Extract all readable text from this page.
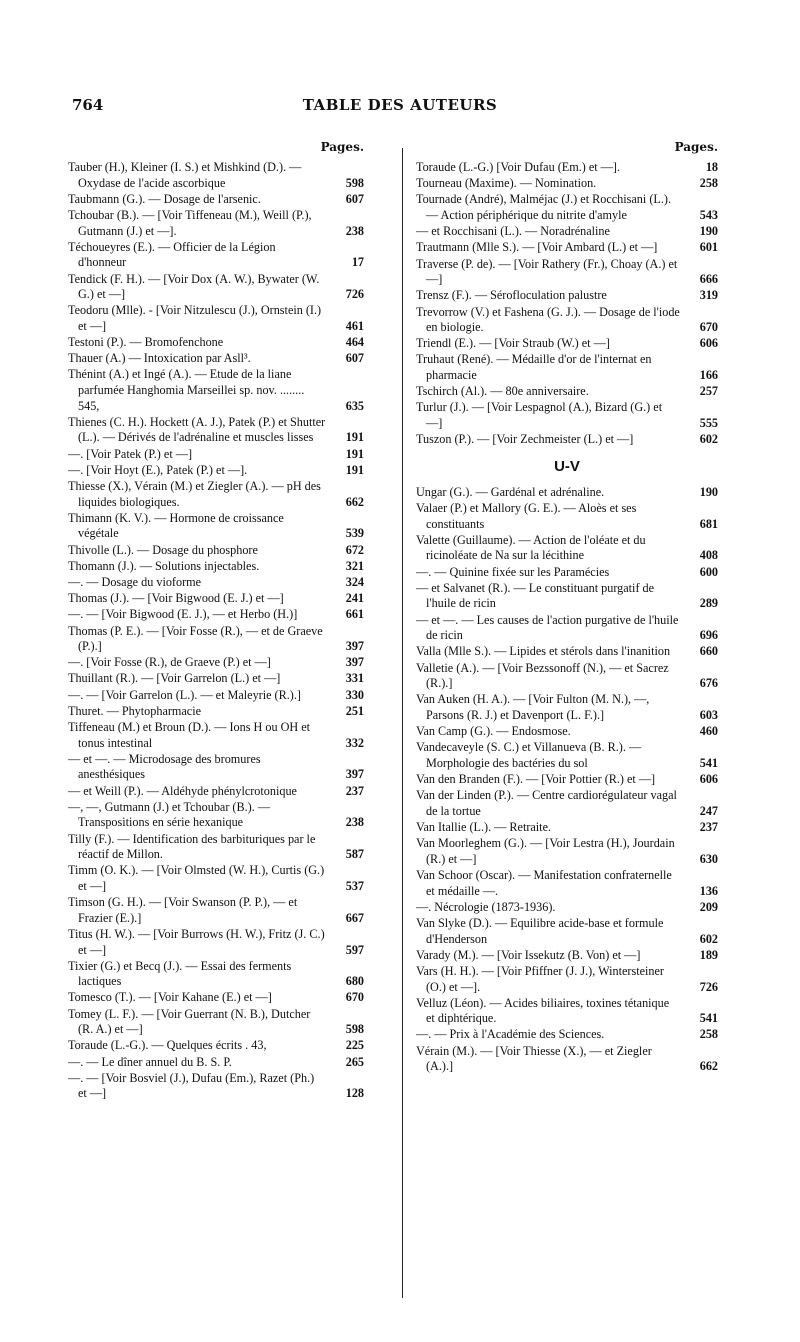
764	TABLE DES AUTEURS
Pages.
Tauber (H.), Kleiner (I. S.) et Mishkind (D.). — Oxydase de l'acide ascorbique	598
Taubmann (G.). — Dosage de l'arsenic.	607
Tchoubar (B.). — [Voir Tiffeneau (M.), Weill (P.), Gutmann (J.) et —].	238
Téchoueyres (E.). — Officier de la Légion d'honneur	17
Tendick (F. H.). — [Voir Dox (A. W.), Bywater (W. G.) et —]	726
Teodoru (Mlle). - [Voir Nitzulescu (J.), Ornstein (I.) et —]	461
Testoni (P.). — Bromofenchone	464
Thauer (A.) — Intoxication par Asll³.	607
Thénint (A.) et Ingé (A.). — Etude de la liane parfumée Hanghomia Marseillei sp. nov. ........ 545,	635
Thienes (C. H.). Hockett (A. J.), Patek (P.) et Shutter (L.). — Dérivés de l'adrénaline et muscles lisses	191
—. [Voir Patek (P.) et —]	191
—. [Voir Hoyt (E.), Patek (P.) et —].	191
Thiesse (X.), Vérain (M.) et Ziegler (A.). — pH des liquides biologiques.	662
Thimann (K. V.). — Hormone de croissance végétale	539
Thivolle (L.). — Dosage du phosphore	672
Thomann (J.). — Solutions injectables.	321
—. — Dosage du vioforme	324
Thomas (J.). — [Voir Bigwood (E. J.) et —]	241
—. — [Voir Bigwood (E. J.), — et Herbo (H.)]	661
Thomas (P. E.). — [Voir Fosse (R.), — et de Graeve (P.).]	397
—. [Voir Fosse (R.), de Graeve (P.) et —]	397
Thuillant (R.). — [Voir Garrelon (L.) et —]	331
—. — [Voir Garrelon (L.). — et Maleyrie (R.).]	330
Thuret. — Phytopharmacie	251
Tiffeneau (M.) et Broun (D.). — Ions H ou OH et tonus intestinal	332
— et —. — Microdosage des bromures anesthésiques	397
— et Weill (P.). — Aldéhyde phénylcrotonique	237
—, —, Gutmann (J.) et Tchoubar (B.). — Transpositions en série hexanique	238
Tilly (F.). — Identification des barbituriques par le réactif de Millon.	587
Timm (O. K.). — [Voir Olmsted (W. H.), Curtis (G.) et —]	537
Timson (G. H.). — [Voir Swanson (P. P.), — et Frazier (E.).]	667
Titus (H. W.). — [Voir Burrows (H. W.), Fritz (J. C.) et —]	597
Tixier (G.) et Becq (J.). — Essai des ferments lactiques	680
Tomesco (T.). — [Voir Kahane (E.) et —]	670
Tomey (L. F.). — [Voir Guerrant (N. B.), Dutcher (R. A.) et —]	598
Toraude (L.-G.). — Quelques écrits . 43,	225
—. — Le dîner annuel du B. S. P.	265
—. — [Voir Bosviel (J.), Dufau (Em.), Razet (Ph.) et —]	128
Pages.
Toraude (L.-G.) [Voir Dufau (Em.) et —].	18
Tourneau (Maxime). — Nomination.	258
Tournade (André), Malméjac (J.) et Rocchisani (L.). — Action périphérique du nitrite d'amyle	543
— et Rocchisani (L.). — Noradrénaline	190
Trautmann (Mlle S.). — [Voir Ambard (L.) et —]	601
Traverse (P. de). — [Voir Rathery (Fr.), Choay (A.) et —]	666
Trensz (F.). — Sérofloculation palustre	319
Trevorrow (V.) et Fashena (G. J.). — Dosage de l'iode en biologie.	670
Triendl (E.). — [Voir Straub (W.) et —]	606
Truhaut (René). — Médaille d'or de l'internat en pharmacie	166
Tschirch (Al.). — 80e anniversaire.	257
Turlur (J.). — [Voir Lespagnol (A.), Bizard (G.) et —]	555
Tuszon (P.). — [Voir Zechmeister (L.) et —]	602
U-V
Ungar (G.). — Gardénal et adrénaline.	190
Valaer (P.) et Mallory (G. E.). — Aloès et ses constituants	681
Valette (Guillaume). — Action de l'oléate et du ricinoléate de Na sur la lécithine	408
—. — Quinine fixée sur les Paramécies	600
— et Salvanet (R.). — Le constituant purgatif de l'huile de ricin	289
— et —. — Les causes de l'action purgative de l'huile de ricin	696
Valla (Mlle S.). — Lipides et stérols dans l'inanition	660
Valletie (A.). — [Voir Bezssonoff (N.), — et Sacrez (R.).]	676
Van Auken (H. A.). — [Voir Fulton (M. N.), —, Parsons (R. J.) et Davenport (L. F.).]	603
Van Camp (G.). — Endosmose.	460
Vandecaveyle (S. C.) et Villanueva (B. R.). — Morphologie des bactéries du sol	541
Van den Branden (F.). — [Voir Pottier (R.) et —]	606
Van der Linden (P.). — Centre cardiorégulateur vagal de la tortue	247
Van Itallie (L.). — Retraite.	237
Van Moorleghem (G.). — [Voir Lestra (H.), Jourdain (R.) et —]	630
Van Schoor (Oscar). — Manifestation confraternelle et médaille —.	136
—. Nécrologie (1873-1936).	209
Van Slyke (D.). — Equilibre acide-base et formule d'Henderson	602
Varady (M.). — [Voir Issekutz (B. Von) et —]	189
Vars (H. H.). — [Voir Pfiffner (J. J.), Wintersteiner (O.) et —].	726
Velluz (Léon). — Acides biliaires, toxines tétanique et diphtérique.	541
—. — Prix à l'Académie des Sciences.	258
Vérain (M.). — [Voir Thiesse (X.), — et Ziegler (A.).]	662
